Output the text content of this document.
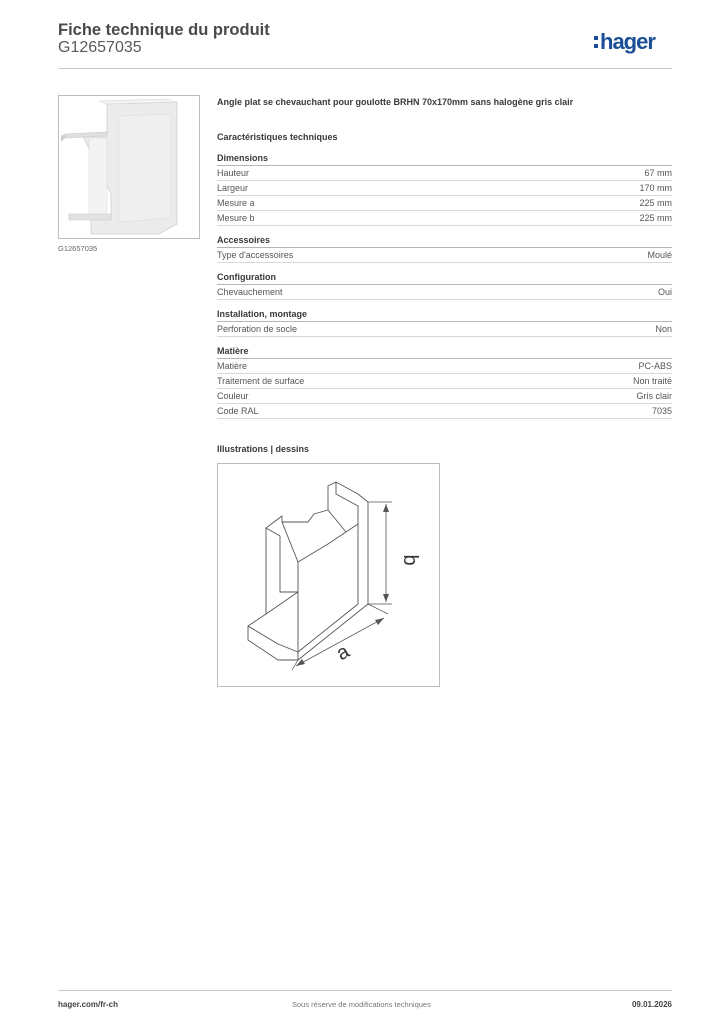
Fiche technique du produit
G12657035	hager
G12657035
Angle plat se chevauchant pour goulotte BRHN 70x170mm sans halogène gris clair
Caractéristiques techniques
Dimensions
Hauteur	67 mm
Largeur	170 mm
Mesure a	225 mm
Mesure b	225 mm
Accessoires
Type d'accessoires	Moulé
Configuration
Chevauchement	Oui
Installation, montage
Perforation de socle	Non
Matière
Matière	PC-ABS
Traitement de surface	Non traité
Couleur	Gris clair
Code RAL	7035
Illustrations | dessins
b
a
hager.com/fr-ch	Sous réserve de modifications techniques	09.01.2026
